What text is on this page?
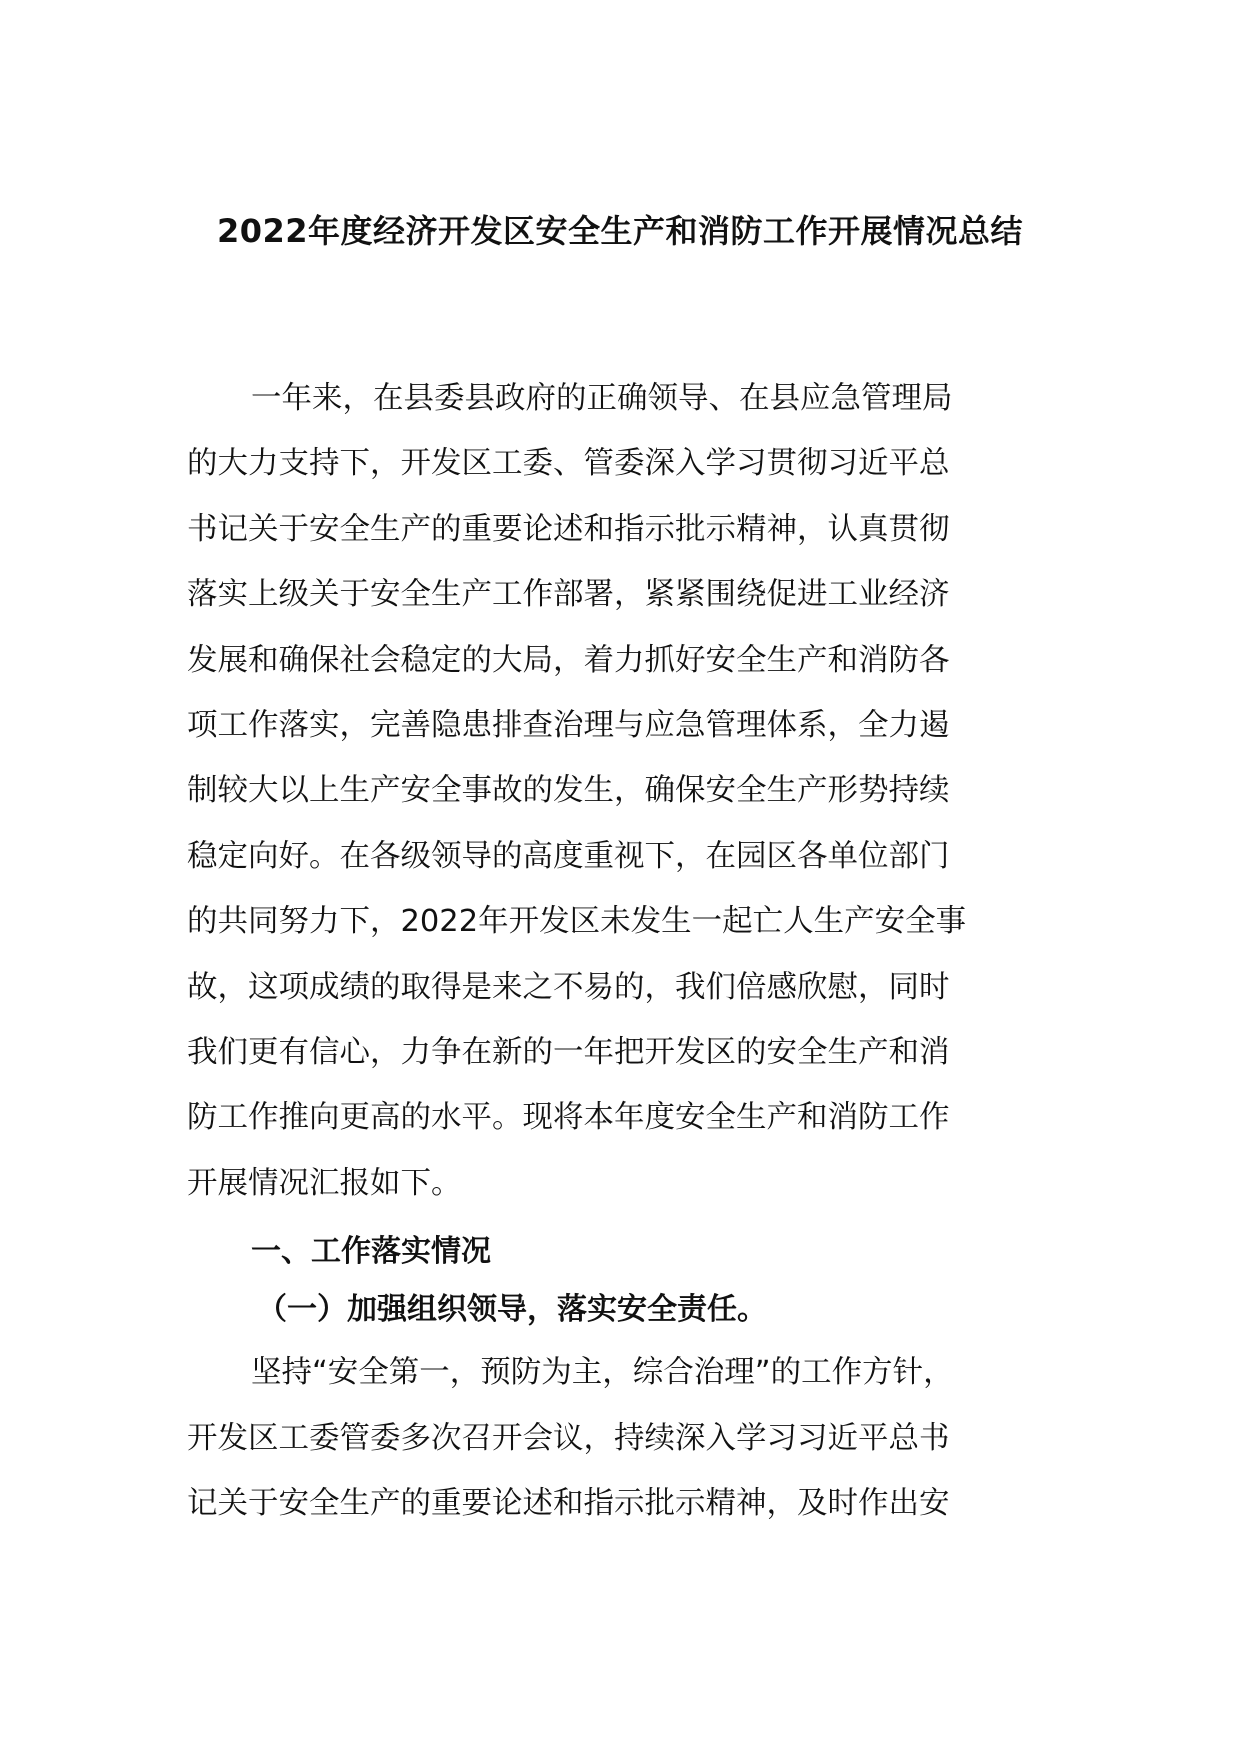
2022年度经济开发区安全生产和消防工作开展情况总结

一年来，在县委县政府的正确领导、在县应急管理局
的大力支持下，开发区工委、管委深入学习贯彻习近平总
书记关于安全生产的重要论述和指示批示精神，认真贯彻
落实上级关于安全生产工作部署，紧紧围绕促进工业经济
发展和确保社会稳定的大局，着力抓好安全生产和消防各
项工作落实，完善隐患排查治理与应急管理体系，全力遏
制较大以上生产安全事故的发生，确保安全生产形势持续
稳定向好。在各级领导的高度重视下，在园区各单位部门
的共同努力下，2022年开发区未发生一起亡人生产安全事
故，这项成绩的取得是来之不易的，我们倍感欣慰，同时
我们更有信心，力争在新的一年把开发区的安全生产和消
防工作推向更高的水平。现将本年度安全生产和消防工作
开展情况汇报如下。

一、工作落实情况
（一）加强组织领导，落实安全责任。

坚持“安全第一，预防为主，综合治理”的工作方针，
开发区工委管委多次召开会议，持续深入学习习近平总书
记关于安全生产的重要论述和指示批示精神，及时作出安
